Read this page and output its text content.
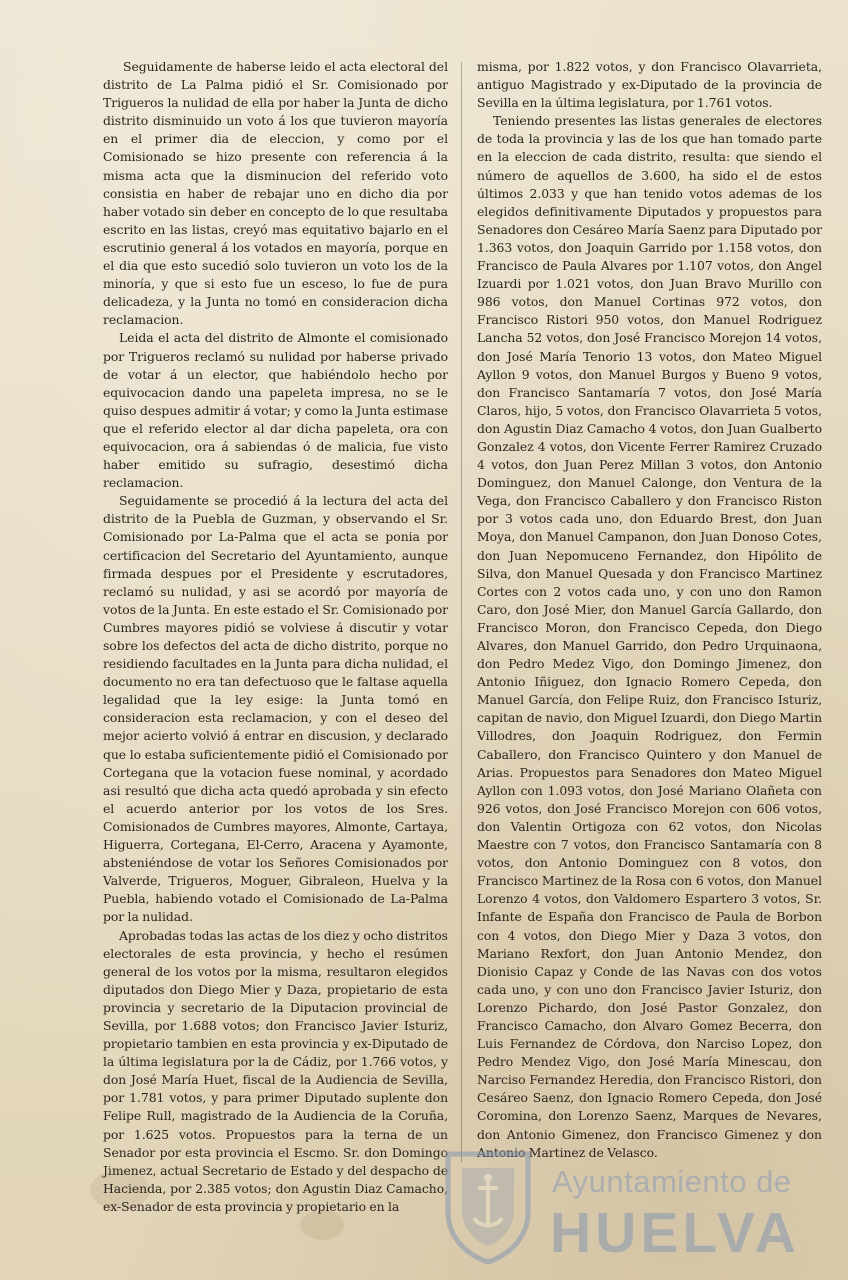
Seguidamente de haberse leido el acta electoral del distrito de La Palma pidió el Sr. Comisionado por Trigueros la nulidad de ella por haber la Junta de dicho distrito disminuido un voto á los que tuvieron mayoría en el primer dia de eleccion, y como por el Comisionado se hizo presente con referencia á la misma acta que la disminucion del referido voto consistia en haber de rebajar uno en dicho dia por haber votado sin deber en concepto de lo que resultaba escrito en las listas, creyó mas equitativo bajarlo en el escrutinio general á los votados en mayoría, porque en el dia que esto sucedió solo tuvieron un voto los de la minoría, y que si esto fue un esceso, lo fue de pura delicadeza, y la Junta no tomó en consideracion dicha reclamacion.

Leida el acta del distrito de Almonte el comisionado por Trigueros reclamó su nulidad por haberse privado de votar á un elector, que habiéndolo hecho por equivocacion dando una papeleta impresa, no se le quiso despues admitir á votar; y como la Junta estimase que el referido elector al dar dicha papeleta, ora con equivocacion, ora á sabiendas ó de malicia, fue visto haber emitido su sufragio, desestimó dicha reclamacion.

Seguidamente se procedió á la lectura del acta del distrito de la Puebla de Guzman, y observando el Sr. Comisionado por La-Palma que el acta se ponia por certificacion del Secretario del Ayuntamiento, aunque firmada despues por el Presidente y escrutadores, reclamó su nulidad, y asi se acordó por mayoría de votos de la Junta. En este estado el Sr. Comisionado por Cumbres mayores pidió se volviese á discutir y votar sobre los defectos del acta de dicho distrito, porque no residiendo facultades en la Junta para dicha nulidad, el documento no era tan defectuoso que le faltase aquella legalidad que la ley esige: la Junta tomó en consideracion esta reclamacion, y con el deseo del mejor acierto volvió á entrar en discusion, y declarado que lo estaba suficientemente pidió el Comisionado por Cortegana que la votacion fuese nominal, y acordado asi resultó que dicha acta quedó aprobada y sin efecto el acuerdo anterior por los votos de los Sres. Comisionados de Cumbres mayores, Almonte, Cartaya, Higuerra, Cortegana, El-Cerro, Aracena y Ayamonte, absteniéndose de votar los Señores Comisionados por Valverde, Trigueros, Moguer, Gibraleon, Huelva y la Puebla, habiendo votado el Comisionado de La-Palma por la nulidad.

Aprobadas todas las actas de los diez y ocho distritos electorales de esta provincia, y hecho el resúmen general de los votos por la misma, resultaron elegidos diputados don Diego Mier y Daza, propietario de esta provincia y secretario de la Diputacion provincial de Sevilla, por 1.688 votos; don Francisco Javier Isturiz, propietario tambien en esta provincia y ex-Diputado de la última legislatura por la de Cádiz, por 1.766 votos, y don José María Huet, fiscal de la Audiencia de Sevilla, por 1.781 votos, y para primer Diputado suplente don Felipe Rull, magistrado de la Audiencia de la Coruña, por 1.625 votos. Propuestos para la terna de un Senador por esta provincia el Escmo. Sr. don Domingo Jimenez, actual Secretario de Estado y del despacho de Hacienda, por 2.385 votos; don Agustin Diaz Camacho, ex-Senador de esta provincia y propietario en la

misma, por 1.822 votos, y don Francisco Olavarrieta, antiguo Magistrado y ex-Diputado de la provincia de Sevilla en la última legislatura, por 1.761 votos.

Teniendo presentes las listas generales de electores de toda la provincia y las de los que han tomado parte en la eleccion de cada distrito, resulta: que siendo el número de aquellos de 3.600, ha sido el de estos últimos 2.033 y que han tenido votos ademas de los elegidos definitivamente Diputados y propuestos para Senadores don Cesáreo María Saenz para Diputado por 1.363 votos, don Joaquin Garrido por 1.158 votos, don Francisco de Paula Alvares por 1.107 votos, don Angel Izuardi por 1.021 votos, don Juan Bravo Murillo con 986 votos, don Manuel Cortinas 972 votos, don Francisco Ristori 950 votos, don Manuel Rodriguez Lancha 52 votos, don José Francisco Morejon 14 votos, don José María Tenorio 13 votos, don Mateo Miguel Ayllon 9 votos, don Manuel Burgos y Bueno 9 votos, don Francisco Santamaría 7 votos, don José María Claros, hijo, 5 votos, don Francisco Olavarrieta 5 votos, don Agustin Diaz Camacho 4 votos, don Juan Gualberto Gonzalez 4 votos, don Vicente Ferrer Ramirez Cruzado 4 votos, don Juan Perez Millan 3 votos, don Antonio Dominguez, don Manuel Calonge, don Ventura de la Vega, don Francisco Caballero y don Francisco Riston por 3 votos cada uno, don Eduardo Brest, don Juan Moya, don Manuel Campanon, don Juan Donoso Cotes, don Juan Nepomuceno Fernandez, don Hipólito de Silva, don Manuel Quesada y don Francisco Martinez Cortes con 2 votos cada uno, y con uno don Ramon Caro, don José Mier, don Manuel García Gallardo, don Francisco Moron, don Francisco Cepeda, don Diego Alvares, don Manuel Garrido, don Pedro Urquinaona, don Pedro Medez Vigo, don Domingo Jimenez, don Antonio Iñiguez, don Ignacio Romero Cepeda, don Manuel García, don Felipe Ruiz, don Francisco Isturiz, capitan de navio, don Miguel Izuardi, don Diego Martin Villodres, don Joaquin Rodriguez, don Fermin Caballero, don Francisco Quintero y don Manuel de Arias. Propuestos para Senadores don Mateo Miguel Ayllon con 1.093 votos, don José Mariano Olañeta con 926 votos, don José Francisco Morejon con 606 votos, don Valentin Ortigoza con 62 votos, don Nicolas Maestre con 7 votos, don Francisco Santamaría con 8 votos, don Antonio Dominguez con 8 votos, don Francisco Martinez de la Rosa con 6 votos, don Manuel Lorenzo 4 votos, don Valdomero Espartero 3 votos, Sr. Infante de España don Francisco de Paula de Borbon con 4 votos, don Diego Mier y Daza 3 votos, don Mariano Rexfort, don Juan Antonio Mendez, don Dionisio Capaz y Conde de las Navas con dos votos cada uno, y con uno don Francisco Javier Isturiz, don Lorenzo Pichardo, don José Pastor Gonzalez, don Francisco Camacho, don Alvaro Gomez Becerra, don Luis Fernandez de Córdova, don Narciso Lopez, don Pedro Mendez Vigo, don José María Minescau, don Narciso Fernandez Heredia, don Francisco Ristori, don Cesáreo Saenz, don Ignacio Romero Cepeda, don José Coromina, don Lorenzo Saenz, Marques de Nevares, don Antonio Gimenez, don Francisco Gimenez y don Antonio Martinez de Velasco.

Ayuntamiento de
HUELVA
